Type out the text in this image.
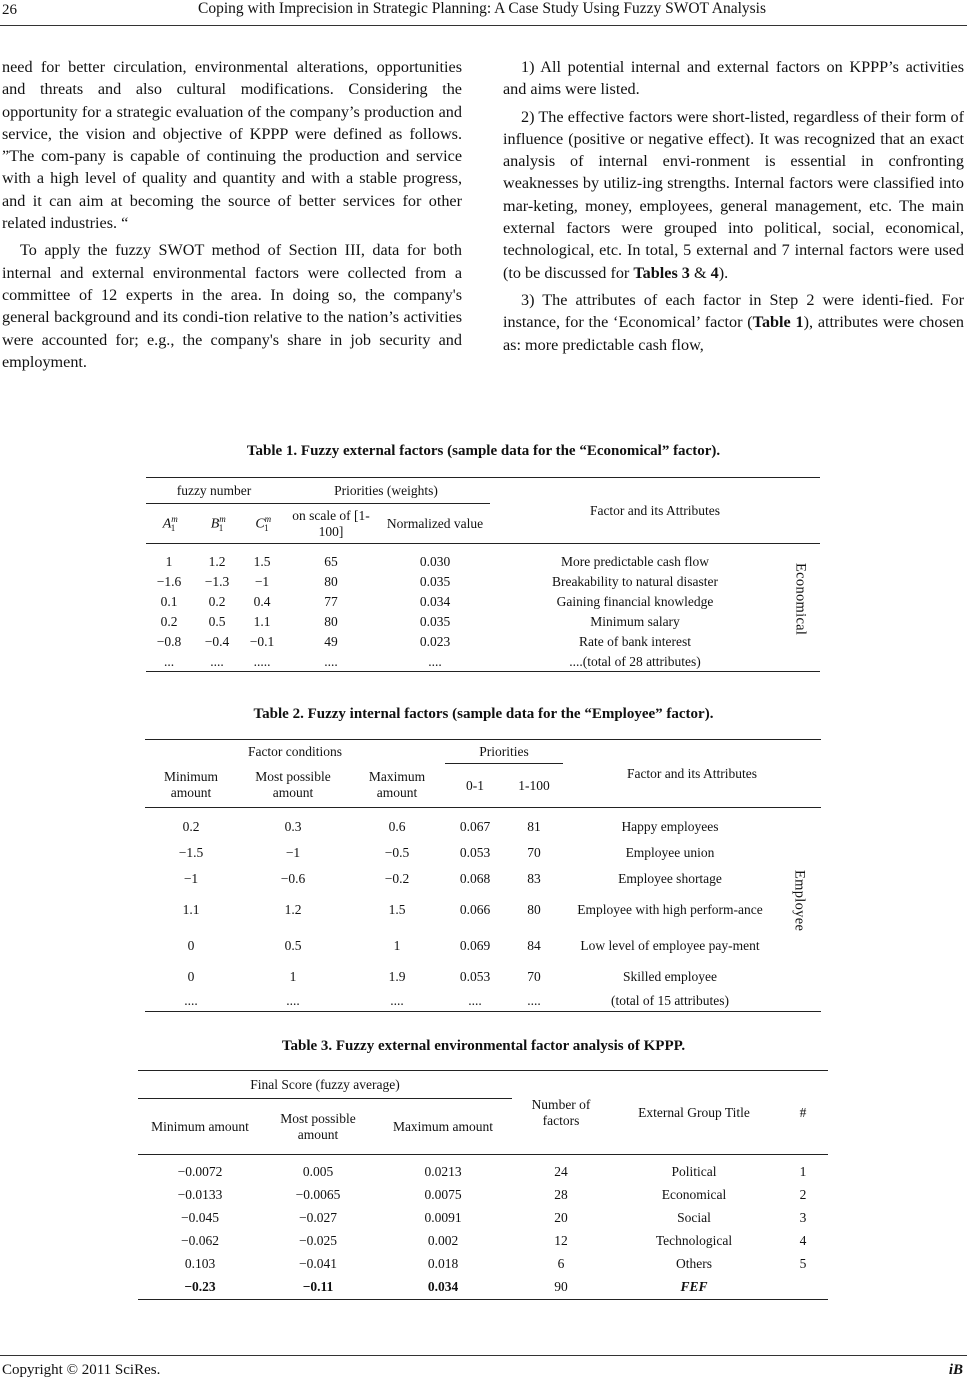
26	Coping with Imprecision in Strategic Planning: A Case Study Using Fuzzy SWOT Analysis

need for better circulation, environmental alterations, opportunities and threats and also cultural modifications. Considering the opportunity for a strategic evaluation of the company’s production and service, the vision and objective of KPPP were defined as follows. ”The com-pany is capable of continuing the production and service with a high level of quality and quantity and with a stable progress, and it can aim at becoming the source of better services for other related industries. “

To apply the fuzzy SWOT method of Section III, data for both internal and external environmental factors were collected from a committee of 12 experts in the area. In doing so, the company's general background and its condi-tion relative to the nation’s activities were accounted for; e.g., the company's share in job security and employment.

1) All potential internal and external factors on KPPP’s activities and aims were listed.

2) The effective factors were short-listed, regardless of their form of influence (positive or negative effect). It was recognized that an exact analysis of internal envi-ronment is essential in confronting weaknesses by utiliz-ing strengths. Internal factors were classified into mar-keting, money, employees, general management, etc. The main external factors were grouped into political, social, economical, technological, etc. In total, 5 external and 7 internal factors were used (to be discussed for Tables 3 & 4).

3) The attributes of each factor in Step 2 were identi-fied. For instance, for the ‘Economical’ factor (Table 1), attributes were chosen as: more predictable cash flow,

Table 1. Fuzzy external factors (sample data for the “Economical” factor).
fuzzy number			Priorities (weights)		Factor and its Attributes	
$A^m_1$	$B^m_1$	$C^m_1$	on scale of [1-100]	Normalized value		
1	1.2	1.5	65	0.030	More predictable cash flow	Economical
−1.6	−1.3	−1	80	0.035	Breakability to natural disaster	
0.1	0.2	0.4	77	0.034	Gaining financial knowledge	
0.2	0.5	1.1	80	0.035	Minimum salary	
−0.8	−0.4	−0.1	49	0.023	Rate of bank interest	
...	....	.....	....	....	....(total of 28 attributes)	
Table 2. Fuzzy internal factors (sample data for the “Employee” factor).
Factor conditions			Priorities		Factor and its Attributes	
Minimum amount	Most possible amount	Maximum amount	0-1	1-100		
0.2	0.3	0.6	0.067	81	Happy employees	Employee
−1.5	−1	−0.5	0.053	70	Employee union	
−1	−0.6	−0.2	0.068	83	Employee shortage	
1.1	1.2	1.5	0.066	80	Employee with high perform-ance	
0	0.5	1	0.069	84	Low level of employee pay-ment	
0	1	1.9	0.053	70	Skilled employee	
....	....	....	....	....	(total of 15 attributes)	
Table 3. Fuzzy external environmental factor analysis of KPPP.
Final Score (fuzzy average)			Number of factors	External Group Title	#
Minimum amount	Most possible amount	Maximum amount			
−0.0072	0.005	0.0213	24	Political	1
−0.0133	−0.0065	0.0075	28	Economical	2
−0.045	−0.027	0.0091	20	Social	3
−0.062	−0.025	0.002	12	Technological	4
0.103	−0.041	0.018	6	Others	5
−0.23	−0.11	0.034	90	FEF	
Copyright © 2011 SciRes.	iB
